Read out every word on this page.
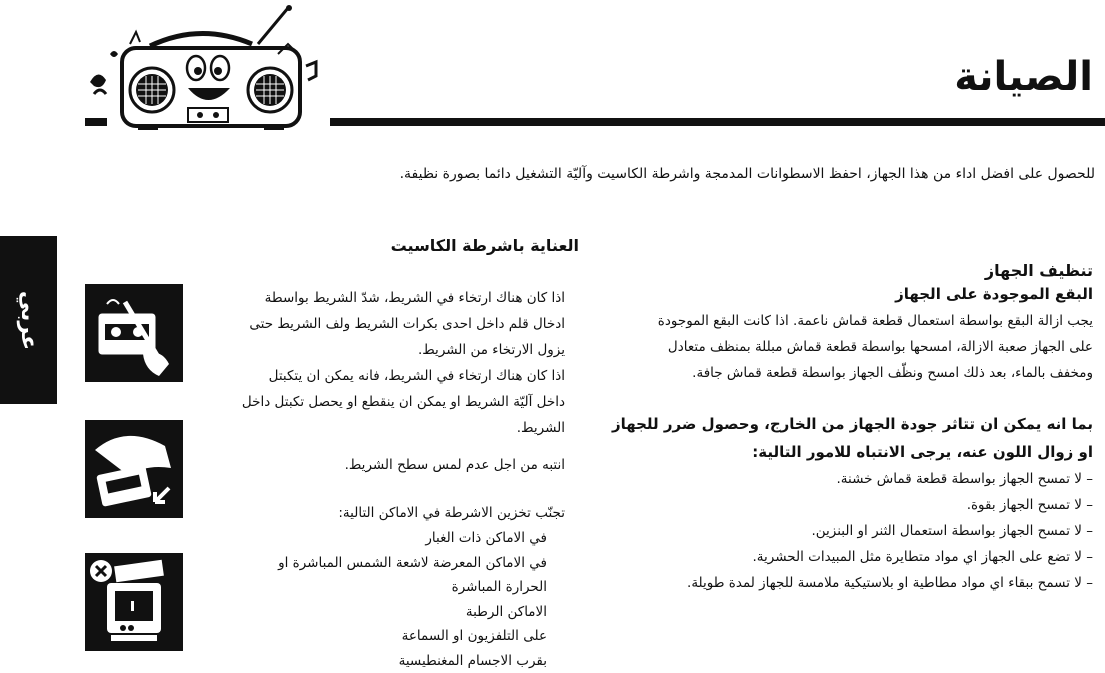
الصيانة
للحصول على افضل اداء من هذا الجهاز، احفظ الاسطوانات المدمجة واشرطة الكاسيت وآليّة التشغيل دائما بصورة نظيفة.
عربي
تنظيف الجهاز
البقع الموجودة على الجهاز
يجب ازالة البقع بواسطة استعمال قطعة قماش ناعمة. اذا كانت البقع الموجودة
على الجهاز صعبة الازالة، امسحها بواسطة قطعة قماش مبللة بمنظف متعادل
ومخفف بالماء، بعد ذلك امسح ونظّف الجهاز بواسطة قطعة قماش جافة.
بما انه يمكن ان تتاثر جودة الجهاز من الخارج، وحصول ضرر للجهاز
او زوال اللون عنه، يرجى الانتباه للامور التالية:
– لا تمسح الجهاز بواسطة قطعة قماش خشنة.
– لا تمسح الجهاز بقوة.
– لا تمسح الجهاز بواسطة استعمال الثنر او البنزين.
– لا تضع على الجهاز اي مواد متطايرة مثل المبيدات الحشرية.
– لا تسمح ببقاء اي مواد مطاطية او بلاستيكية ملامسة للجهاز لمدة طويلة.
العناية باشرطة الكاسيت
اذا كان هناك ارتخاء في الشريط، شدّ الشريط بواسطة
ادخال قلم داخل احدى بكرات الشريط ولف الشريط حتى
يزول الارتخاء من الشريط.
اذا كان هناك ارتخاء في الشريط، فانه يمكن ان يتكبتل
داخل آليّة الشريط او يمكن ان ينقطع او يحصل تكبتل داخل
الشريط.
انتبه من اجل عدم لمس سطح الشريط.
تجنّب تخزين الاشرطة في الاماكن التالية:
في الاماكن ذات الغبار
في الاماكن المعرضة لاشعة الشمس المباشرة او
الحرارة المباشرة
الاماكن الرطبة
على التلفزيون او السماعة
بقرب الاجسام المغنطيسية
